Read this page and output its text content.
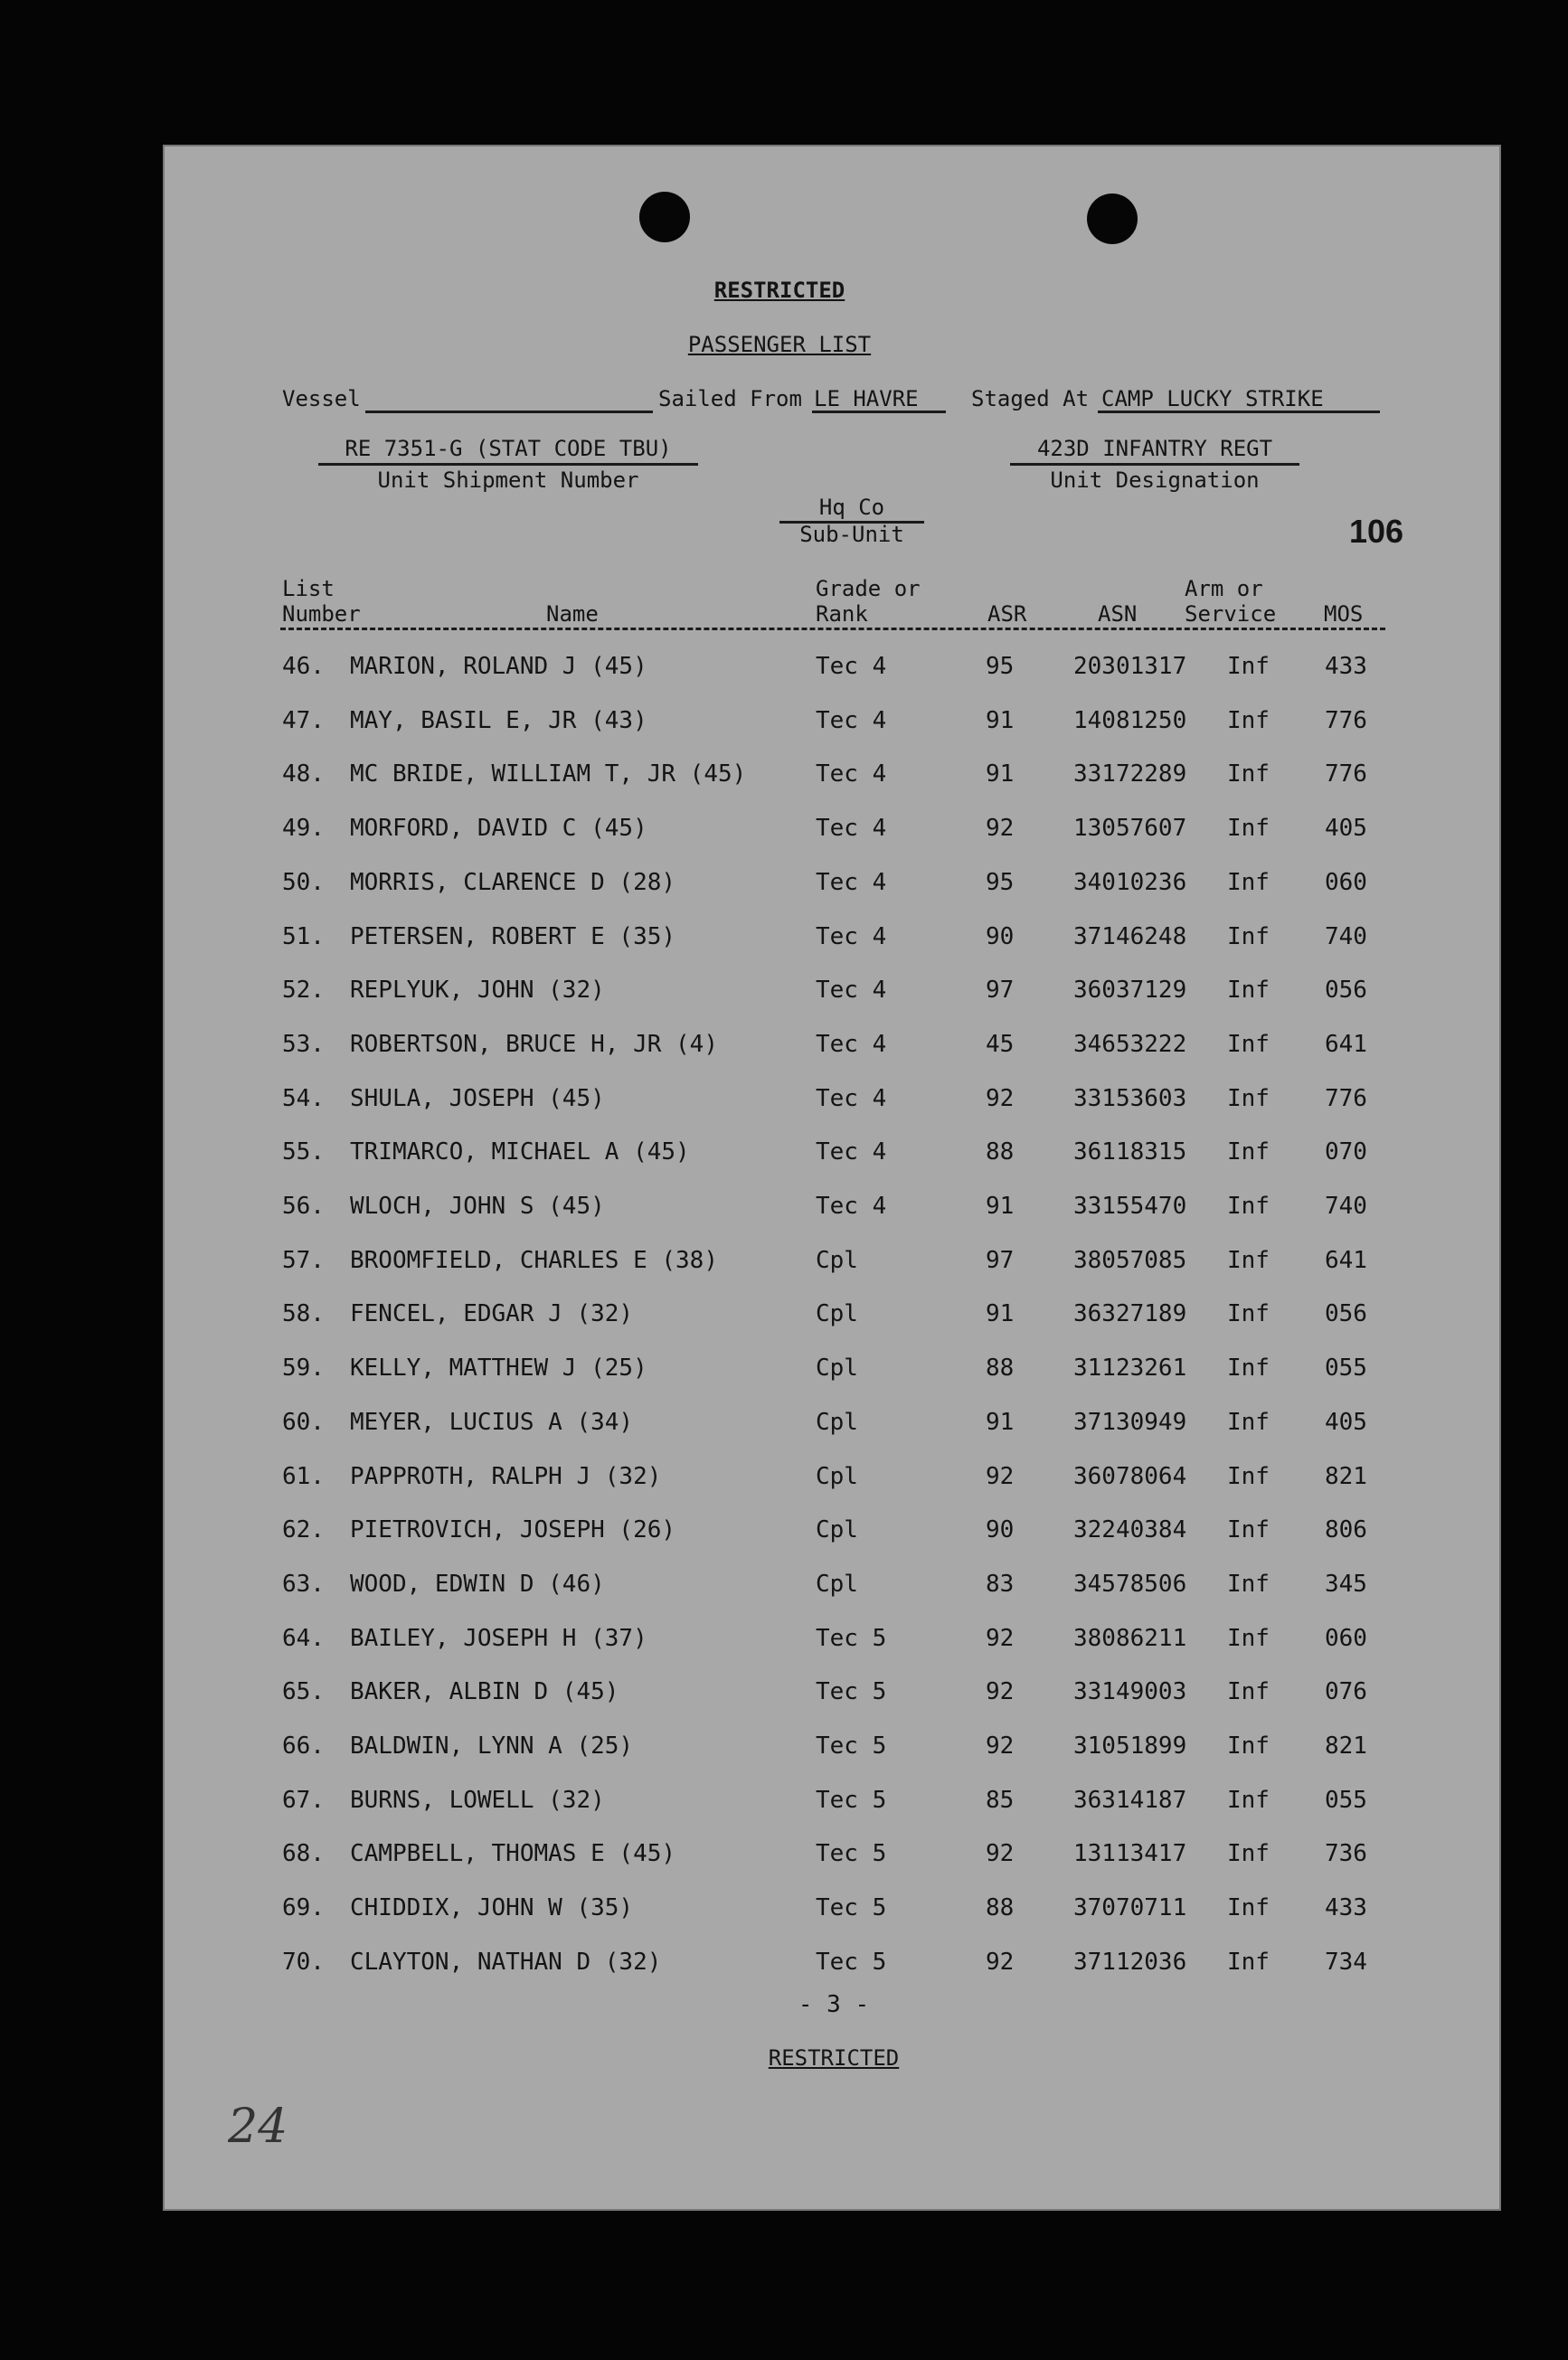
RESTRICTED
PASSENGER LIST
Vessel	Sailed From LE HAVRE Staged At CAMP LUCKY STRIKE
RE 7351-G (STAT CODE TBU)
Unit Shipment Number
423D INFANTRY REGT
Unit Designation
Hq Co
Sub-Unit	106
List
Number	Name
Grade or
Rank	ASR	ASN
Arm or
Service MOS
46. MARION, ROLAND J (45)	Tec 4	95	20301317 Inf 433
47. MAY, BASIL E, JR (43)	Tec 4	91	14081250 Inf 776
48. MC BRIDE, WILLIAM T, JR (45)	Tec 4	91	33172289 Inf 776
49. MORFORD, DAVID C (45)	Tec 4	92	13057607 Inf 405
50. MORRIS, CLARENCE D (28)	Tec 4	95	34010236 Inf 060
51. PETERSEN, ROBERT E (35)	Tec 4	90	37146248 Inf 740
52. REPLYUK, JOHN (32)	Tec 4	97	36037129 Inf 056
53. ROBERTSON, BRUCE H, JR (4)	Tec 4	45	34653222 Inf 641
54. SHULA, JOSEPH (45)	Tec 4	92	33153603 Inf 776
55. TRIMARCO, MICHAEL A (45)	Tec 4	88	36118315 Inf 070
56. WLOCH, JOHN S (45)	Tec 4	91	33155470 Inf 740
57. BROOMFIELD, CHARLES E (38)	Cpl	97	38057085 Inf 641
58. FENCEL, EDGAR J (32)	Cpl	91	36327189 Inf 056
59. KELLY, MATTHEW J (25)	Cpl	88	31123261 Inf 055
60. MEYER, LUCIUS A (34)	Cpl	91	37130949 Inf 405
61. PAPPROTH, RALPH J (32)	Cpl	92	36078064 Inf 821
62. PIETROVICH, JOSEPH (26)	Cpl	90	32240384 Inf 806
63. WOOD, EDWIN D (46)	Cpl	83	34578506 Inf 345
64. BAILEY, JOSEPH H (37)	Tec 5	92	38086211 Inf 060
65. BAKER, ALBIN D (45)	Tec 5	92	33149003 Inf 076
66. BALDWIN, LYNN A (25)	Tec 5	92	31051899 Inf 821
67. BURNS, LOWELL (32)	Tec 5	85	36314187 Inf 055
68. CAMPBELL, THOMAS E (45)	Tec 5	92	13113417 Inf 736
69. CHIDDIX, JOHN W (35)	Tec 5	88	37070711 Inf 433
70. CLAYTON, NATHAN D (32)	Tec 5	92	37112036 Inf 734
- 3 -
RESTRICTED
24
